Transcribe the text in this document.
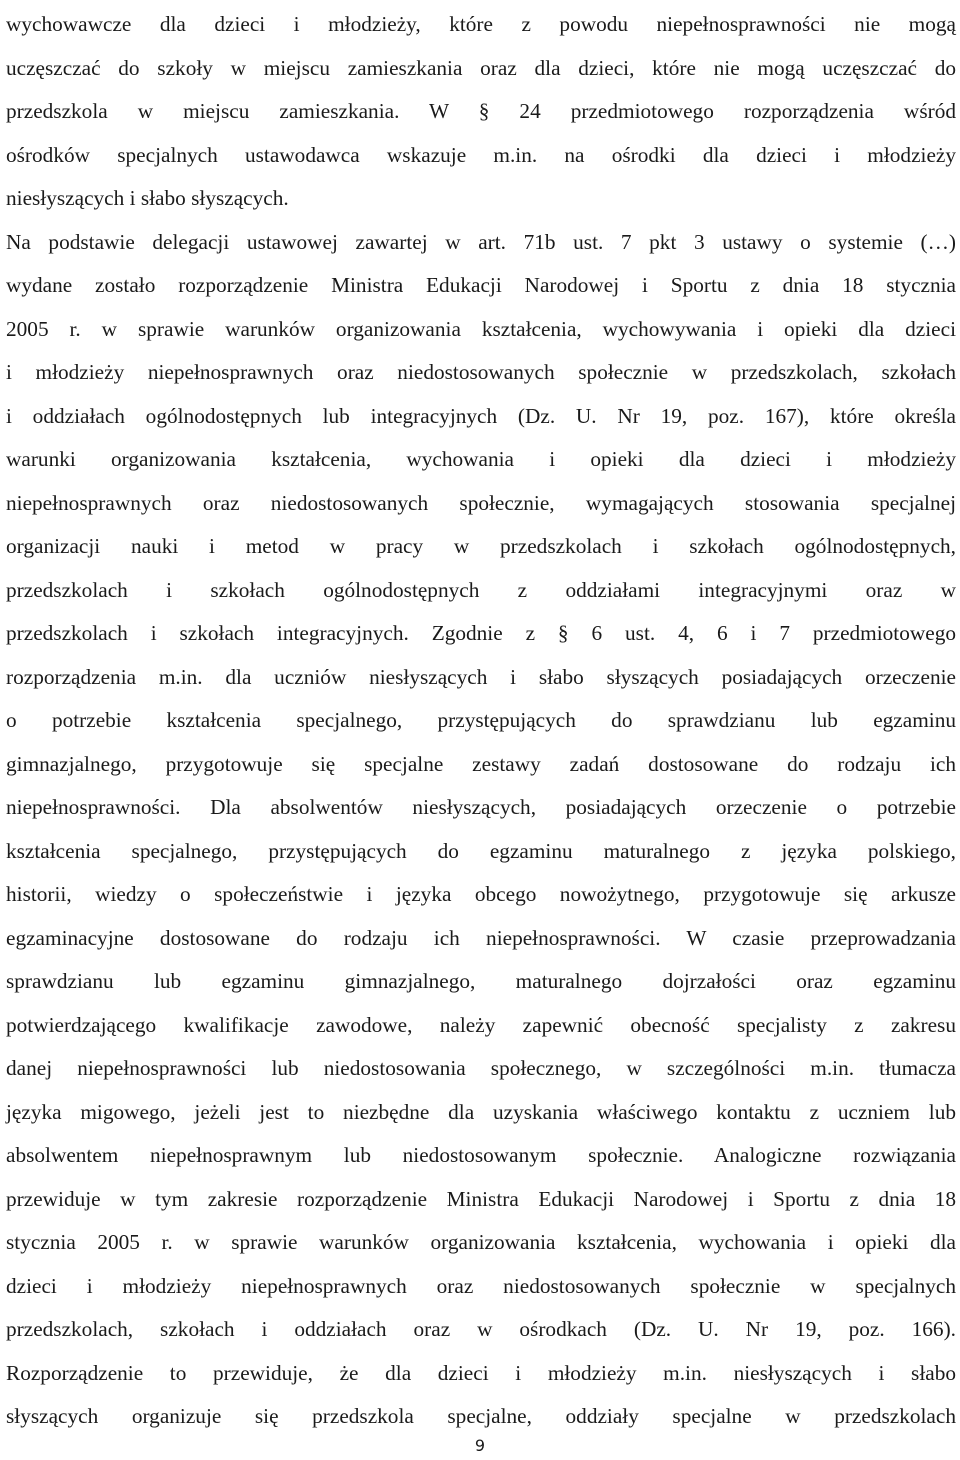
wychowawcze dla dzieci i młodzieży, które z powodu niepełnosprawności nie mogą
uczęszczać do szkoły w miejscu zamieszkania oraz dla dzieci, które nie mogą uczęszczać do
przedszkola w miejscu zamieszkania. W § 24 przedmiotowego rozporządzenia wśród
ośrodków specjalnych ustawodawca wskazuje m.in. na ośrodki dla dzieci i młodzieży
niesłyszących i słabo słyszących.
Na podstawie delegacji ustawowej zawartej w art. 71b ust. 7 pkt 3 ustawy o systemie (…)
wydane zostało rozporządzenie Ministra Edukacji Narodowej i Sportu z dnia 18 stycznia
2005 r. w sprawie warunków organizowania kształcenia, wychowywania i opieki dla dzieci
i młodzieży niepełnosprawnych oraz niedostosowanych społecznie w przedszkolach, szkołach
i oddziałach ogólnodostępnych lub integracyjnych (Dz. U. Nr 19, poz. 167), które określa
warunki organizowania kształcenia, wychowania i opieki dla dzieci i młodzieży
niepełnosprawnych oraz niedostosowanych społecznie, wymagających stosowania specjalnej
organizacji nauki i metod w pracy w przedszkolach i szkołach ogólnodostępnych,
przedszkolach i szkołach ogólnodostępnych z oddziałami integracyjnymi oraz w
przedszkolach i szkołach integracyjnych. Zgodnie z § 6 ust. 4, 6 i 7 przedmiotowego
rozporządzenia m.in. dla uczniów niesłyszących i słabo słyszących posiadających orzeczenie
o potrzebie kształcenia specjalnego, przystępujących do sprawdzianu lub egzaminu
gimnazjalnego, przygotowuje się specjalne zestawy zadań dostosowane do rodzaju ich
niepełnosprawności. Dla absolwentów niesłyszących, posiadających orzeczenie o potrzebie
kształcenia specjalnego, przystępujących do egzaminu maturalnego z języka polskiego,
historii, wiedzy o społeczeństwie i języka obcego nowożytnego, przygotowuje się arkusze
egzaminacyjne dostosowane do rodzaju ich niepełnosprawności. W czasie przeprowadzania
sprawdzianu lub egzaminu gimnazjalnego, maturalnego dojrzałości oraz egzaminu
potwierdzającego kwalifikacje zawodowe, należy zapewnić obecność specjalisty z zakresu
danej niepełnosprawności lub niedostosowania społecznego, w szczególności m.in. tłumacza
języka migowego, jeżeli jest to niezbędne dla uzyskania właściwego kontaktu z uczniem lub
absolwentem niepełnosprawnym lub niedostosowanym społecznie. Analogiczne rozwiązania
przewiduje w tym zakresie rozporządzenie Ministra Edukacji Narodowej i Sportu z dnia 18
stycznia 2005 r. w sprawie warunków organizowania kształcenia, wychowania i opieki dla
dzieci i młodzieży niepełnosprawnych oraz niedostosowanych społecznie w specjalnych
przedszkolach, szkołach i oddziałach oraz w ośrodkach (Dz. U. Nr 19, poz. 166).
Rozporządzenie to przewiduje, że dla dzieci i młodzieży m.in. niesłyszących i słabo
słyszących organizuje się przedszkola specjalne, oddziały specjalne w przedszkolach
9
